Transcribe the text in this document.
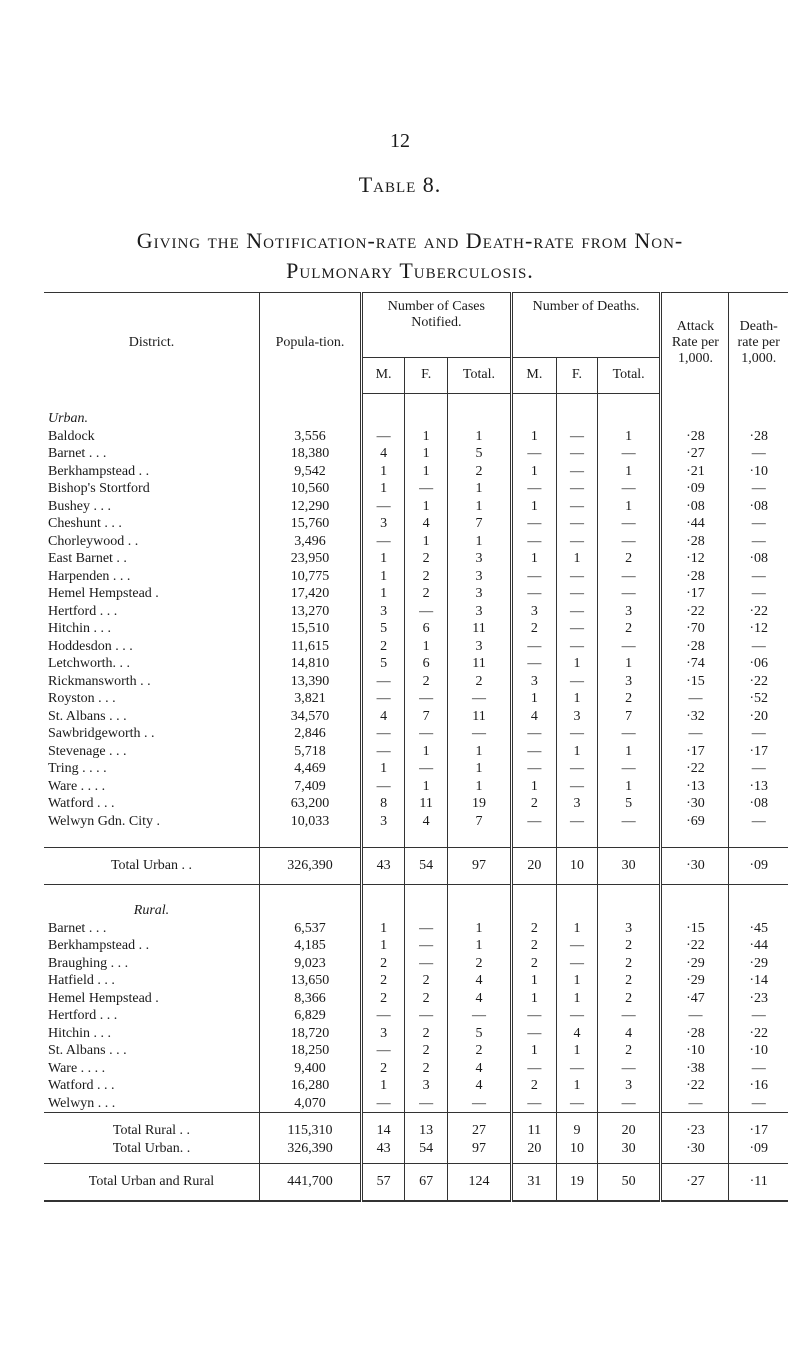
12
Table 8.
Giving the Notification-rate and Death-rate from Non-
Pulmonary Tuberculosis.
District.	Popula-tion.	Number of Cases Notified.			Number of Deaths.			Attack Rate per 1,000.	Death-rate per 1,000.
		M.	F.	Total.	M.	F.	Total.		
Urban.									
Baldock	3,556	—	1	1	1	—	1	·28	·28
Barnet . . .	18,380	4	1	5	—	—	—	·27	—
Berkhampstead . .	9,542	1	1	2	1	—	1	·21	·10
Bishop's Stortford	10,560	1	—	1	—	—	—	·09	—
Bushey . . .	12,290	—	1	1	1	—	1	·08	·08
Cheshunt . . .	15,760	3	4	7	—	—	—	·44	—
Chorleywood . .	3,496	—	1	1	—	—	—	·28	—
East Barnet . .	23,950	1	2	3	1	1	2	·12	·08
Harpenden . . .	10,775	1	2	3	—	—	—	·28	—
Hemel Hempstead .	17,420	1	2	3	—	—	—	·17	—
Hertford . . .	13,270	3	—	3	3	—	3	·22	·22
Hitchin . . .	15,510	5	6	11	2	—	2	·70	·12
Hoddesdon . . .	11,615	2	1	3	—	—	—	·28	—
Letchworth. . .	14,810	5	6	11	—	1	1	·74	·06
Rickmansworth . .	13,390	—	2	2	3	—	3	·15	·22
Royston . . .	3,821	—	—	—	1	1	2	—	·52
St. Albans . . .	34,570	4	7	11	4	3	7	·32	·20
Sawbridgeworth . .	2,846	—	—	—	—	—	—	—	—
Stevenage . . .	5,718	—	1	1	—	1	1	·17	·17
Tring . . . .	4,469	1	—	1	—	—	—	·22	—
Ware . . . .	7,409	—	1	1	1	—	1	·13	·13
Watford . . .	63,200	8	11	19	2	3	5	·30	·08
Welwyn Gdn. City .	10,033	3	4	7	—	—	—	·69	—

Total Urban . .	326,390	43	54	97	20	10	30	·30	·09
Rural.									
Barnet . . .	6,537	1	—	1	2	1	3	·15	·45
Berkhampstead . .	4,185	1	—	1	2	—	2	·22	·44
Braughing . . .	9,023	2	—	2	2	—	2	·29	·29
Hatfield . . .	13,650	2	2	4	1	1	2	·29	·14
Hemel Hempstead .	8,366	2	2	4	1	1	2	·47	·23
Hertford . . .	6,829	—	—	—	—	—	—	—	—
Hitchin . . .	18,720	3	2	5	—	4	4	·28	·22
St. Albans . . .	18,250	—	2	2	1	1	2	·10	·10
Ware . . . .	9,400	2	2	4	—	—	—	·38	—
Watford . . .	16,280	1	3	4	2	1	3	·22	·16
Welwyn . . .	4,070	—	—	—	—	—	—	—	—
Total Rural . .	115,310	14	13	27	11	9	20	·23	·17
Total Urban. .	326,390	43	54	97	20	10	30	·30	·09
Total Urban and Rural	441,700	57	67	124	31	19	50	·27	·11
